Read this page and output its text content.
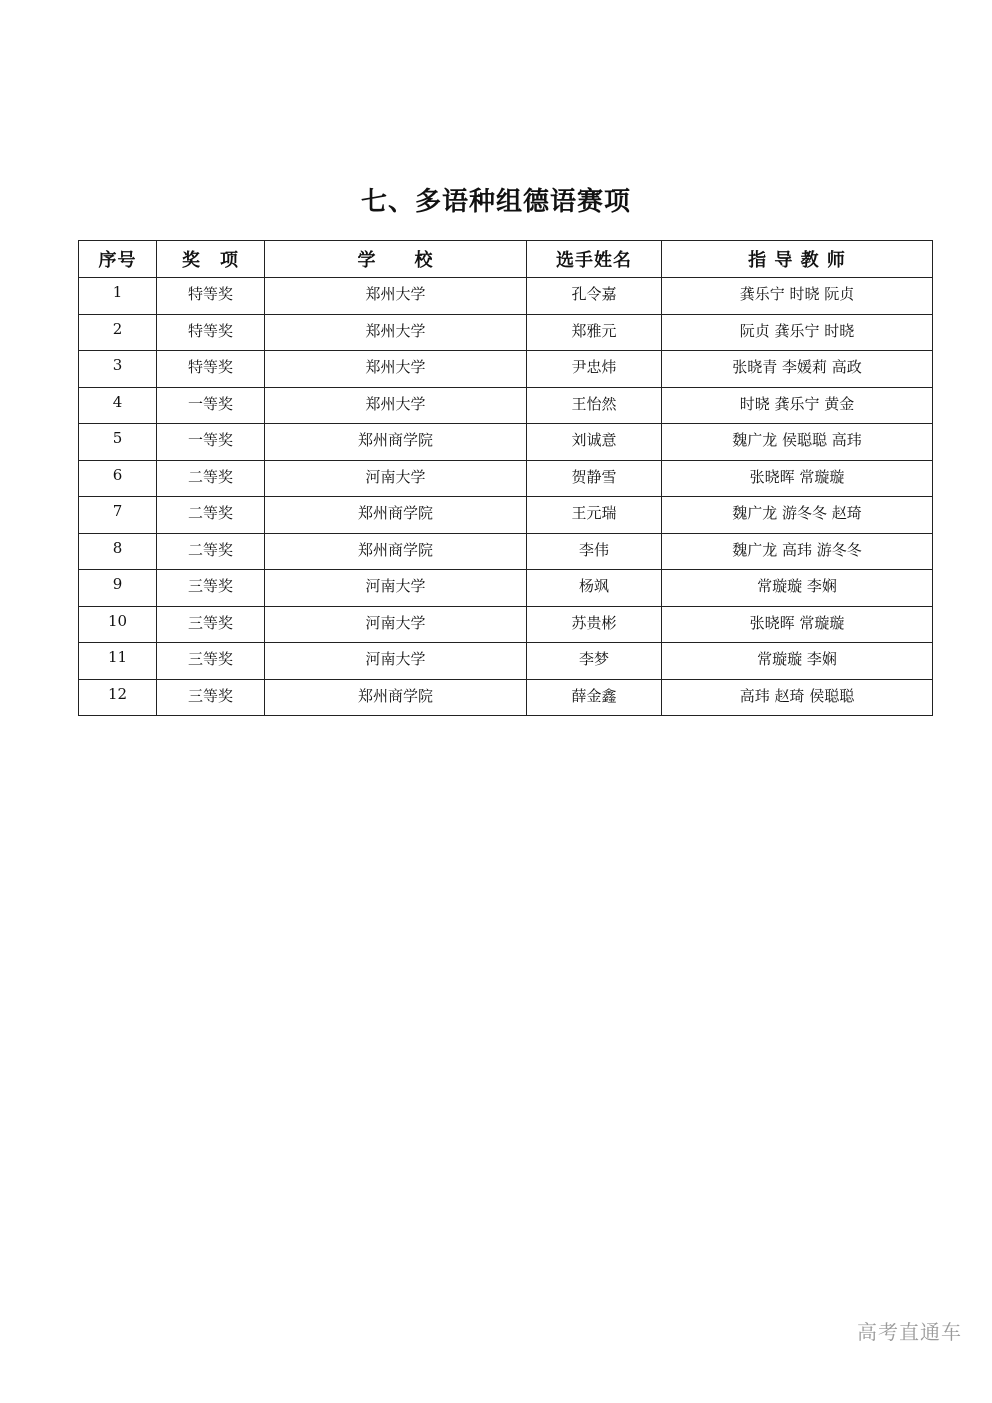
七、多语种组德语赛项
序号	奖　项	学　　校	选手姓名	指 导 教 师
1	特等奖	郑州大学	孔令嘉	龚乐宁 时晓 阮贞
2	特等奖	郑州大学	郑雅元	阮贞 龚乐宁 时晓
3	特等奖	郑州大学	尹忠炜	张晓青 李媛莉 高政
4	一等奖	郑州大学	王怡然	时晓 龚乐宁 黄金
5	一等奖	郑州商学院	刘诚意	魏广龙 侯聪聪 高玮
6	二等奖	河南大学	贺静雪	张晓晖 常璇璇
7	二等奖	郑州商学院	王元瑞	魏广龙 游冬冬 赵琦
8	二等奖	郑州商学院	李伟	魏广龙 高玮 游冬冬
9	三等奖	河南大学	杨飒	常璇璇 李娴
10	三等奖	河南大学	苏贵彬	张晓晖 常璇璇
11	三等奖	河南大学	李梦	常璇璇 李娴
12	三等奖	郑州商学院	薛金鑫	高玮 赵琦 侯聪聪
高考直通车
